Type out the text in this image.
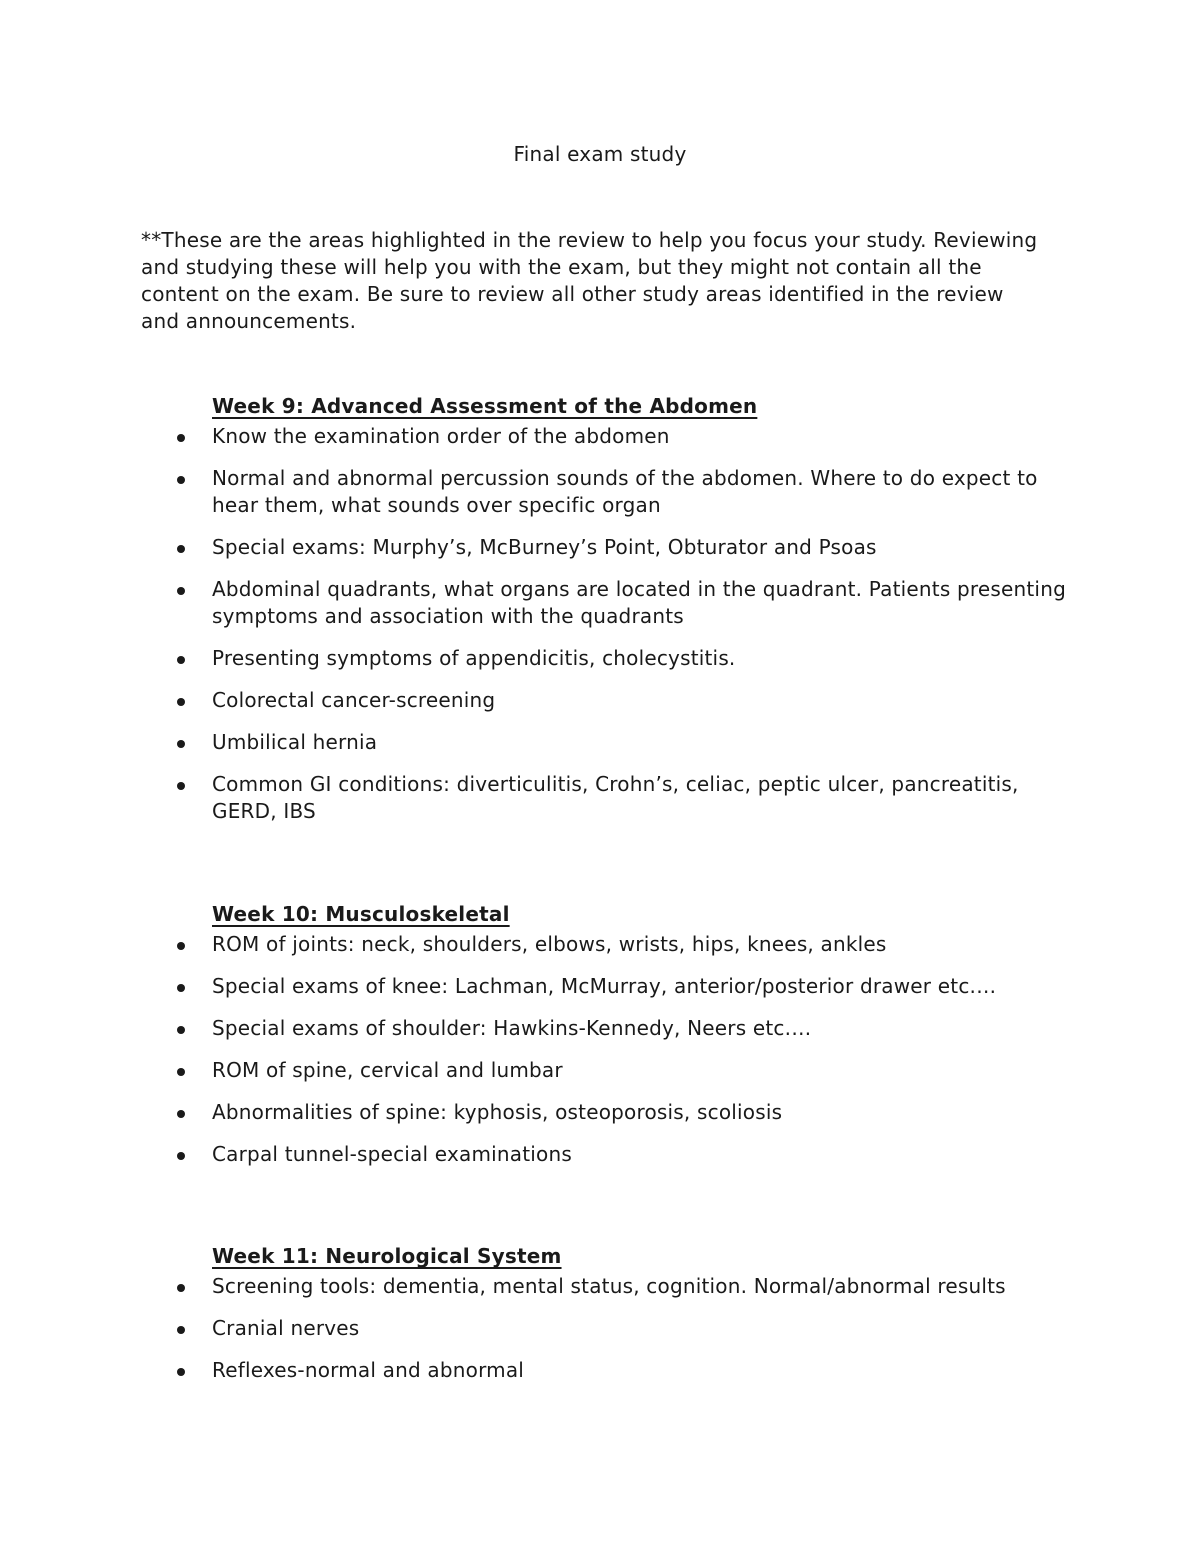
Final exam study

**These are the areas highlighted in the review to help you focus your study. Reviewing and studying these will help you with the exam, but they might not contain all the content on the exam. Be sure to review all other study areas identified in the review and announcements.

Week 9: Advanced Assessment of the Abdomen
Know the examination order of the abdomen
Normal and abnormal percussion sounds of the abdomen. Where to do expect to hear them, what sounds over specific organ
Special exams: Murphy’s, McBurney’s Point, Obturator and Psoas
Abdominal quadrants, what organs are located in the quadrant. Patients presenting symptoms and association with the quadrants
Presenting symptoms of appendicitis, cholecystitis.
Colorectal cancer-screening
Umbilical hernia
Common GI conditions: diverticulitis, Crohn’s, celiac, peptic ulcer, pancreatitis, GERD, IBS
Week 10: Musculoskeletal
ROM of joints: neck, shoulders, elbows, wrists, hips, knees, ankles
Special exams of knee: Lachman, McMurray, anterior/posterior drawer etc.…
Special exams of shoulder: Hawkins-Kennedy, Neers etc.…
ROM of spine, cervical and lumbar
Abnormalities of spine: kyphosis, osteoporosis, scoliosis
Carpal tunnel-special examinations
Week 11: Neurological System
Screening tools: dementia, mental status, cognition. Normal/abnormal results
Cranial nerves
Reflexes-normal and abnormal
